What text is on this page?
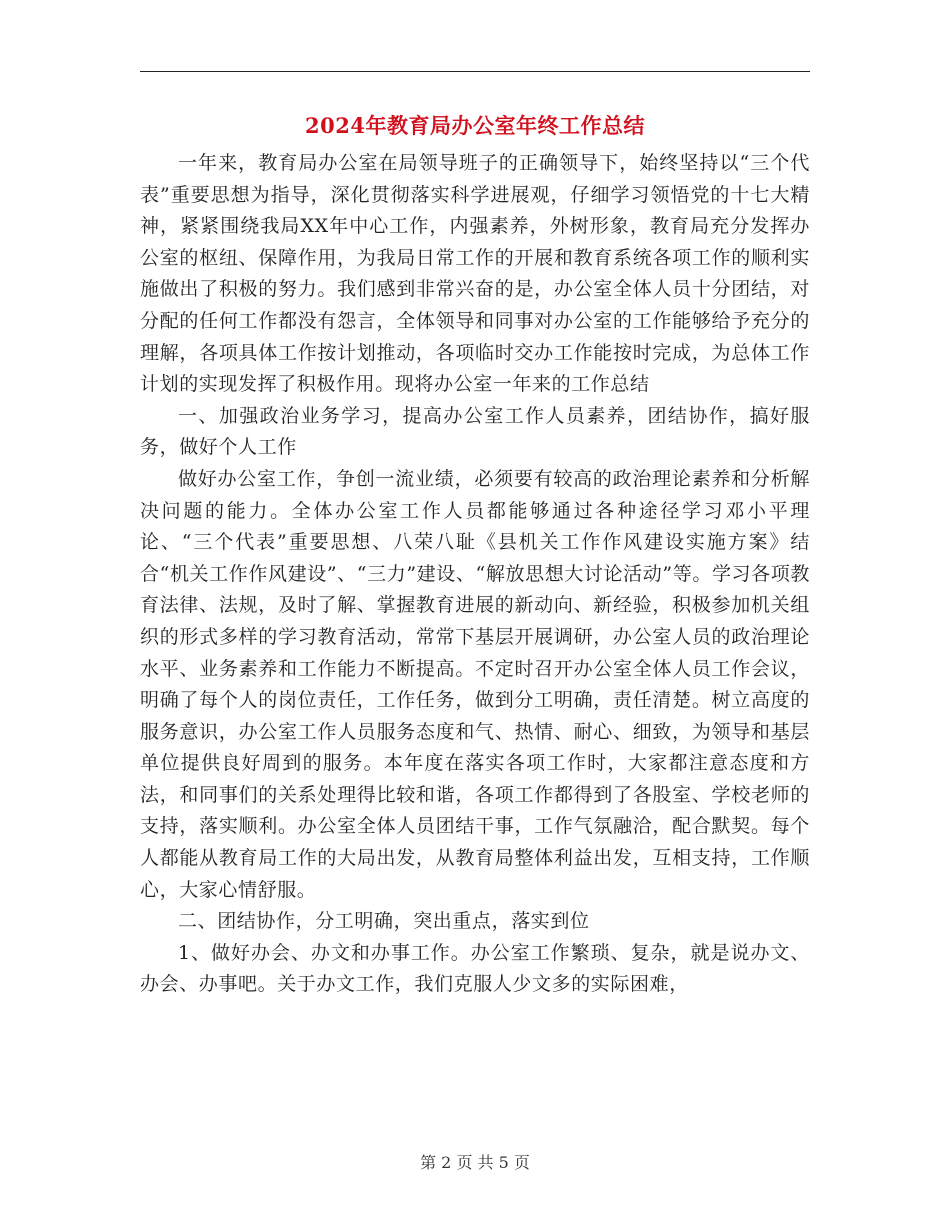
2024年教育局办公室年终工作总结

一年来，教育局办公室在局领导班子的正确领导下，始终坚持以“三个代表”重要思想为指导，深化贯彻落实科学进展观，仔细学习领悟党的十七大精神，紧紧围绕我局XX年中心工作，内强素养，外树形象，教育局充分发挥办公室的枢纽、保障作用，为我局日常工作的开展和教育系统各项工作的顺利实施做出了积极的努力。我们感到非常兴奋的是，办公室全体人员十分团结，对分配的任何工作都没有怨言，全体领导和同事对办公室的工作能够给予充分的理解，各项具体工作按计划推动，各项临时交办工作能按时完成，为总体工作计划的实现发挥了积极作用。现将办公室一年来的工作总结

一、加强政治业务学习，提高办公室工作人员素养，团结协作，搞好服务，做好个人工作

做好办公室工作，争创一流业绩，必须要有较高的政治理论素养和分析解决问题的能力。全体办公室工作人员都能够通过各种途径学习邓小平理论、“三个代表”重要思想、八荣八耻《县机关工作作风建设实施方案》结合“机关工作作风建设”、“三力”建设、“解放思想大讨论活动”等。学习各项教育法律、法规，及时了解、掌握教育进展的新动向、新经验，积极参加机关组织的形式多样的学习教育活动，常常下基层开展调研，办公室人员的政治理论水平、业务素养和工作能力不断提高。不定时召开办公室全体人员工作会议，明确了每个人的岗位责任，工作任务，做到分工明确，责任清楚。树立高度的服务意识，办公室工作人员服务态度和气、热情、耐心、细致，为领导和基层单位提供良好周到的服务。本年度在落实各项工作时，大家都注意态度和方法，和同事们的关系处理得比较和谐，各项工作都得到了各股室、学校老师的支持，落实顺利。办公室全体人员团结干事，工作气氛融洽，配合默契。每个人都能从教育局工作的大局出发，从教育局整体利益出发，互相支持，工作顺心，大家心情舒服。

二、团结协作，分工明确，突出重点，落实到位

1、做好办会、办文和办事工作。办公室工作繁琐、复杂，就是说办文、办会、办事吧。关于办文工作，我们克服人少文多的实际困难，

第 2 页 共 5 页
